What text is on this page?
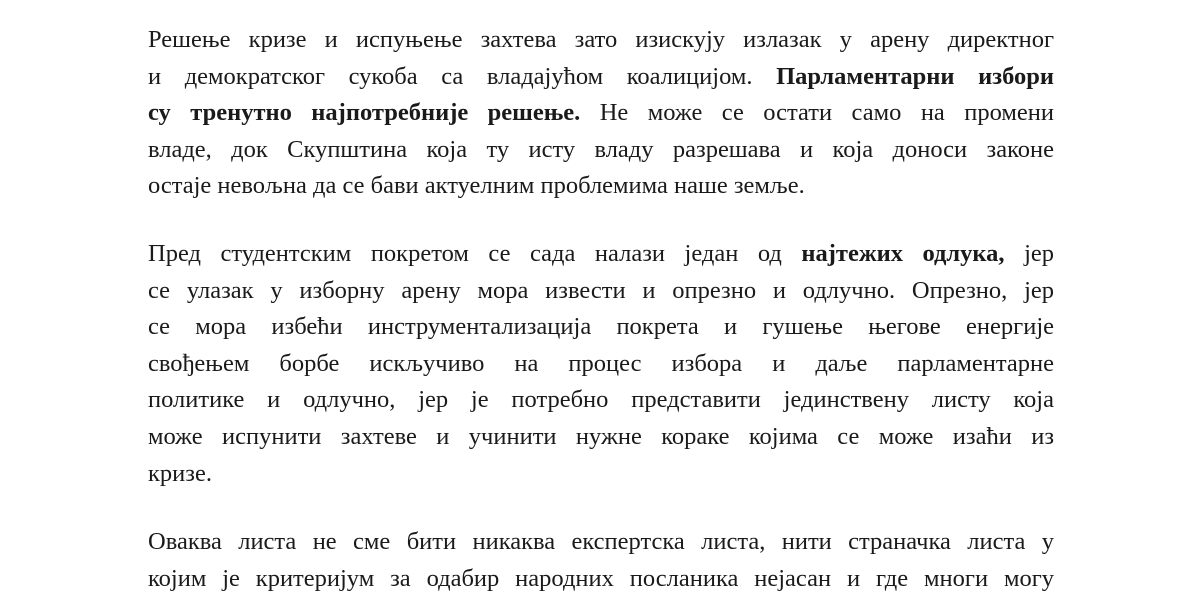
Решење кризе и испуњење захтева зато изискују излазак у арену директног
и демократског сукоба са владајућом коалицијом. Парламентарни избори
су тренутно најпотребније решење. Не може се остати само на промени
владе, док Скупштина која ту исту владу разрешава и која доноси законе
остаје невољна да се бави актуелним проблемима наше земље.
Пред студентским покретом се сада налази један од најтежих одлука, јер
се улазак у изборну арену мора извести и опрезно и одлучно. Опрезно, јер
се мора избећи инструментализација покрета и гушење његове енергије
свођењем борбе искључиво на процес избора и даље парламентарне
политике и одлучно, јер је потребно представити јединствену листу која
може испунити захтеве и учинити нужне кораке којима се може изаћи из
кризе.
Оваква листа не сме бити никаква експертска листа, нити страначка листа у
којим је критеријум за одабир народних посланика нејасан и где многи могу
